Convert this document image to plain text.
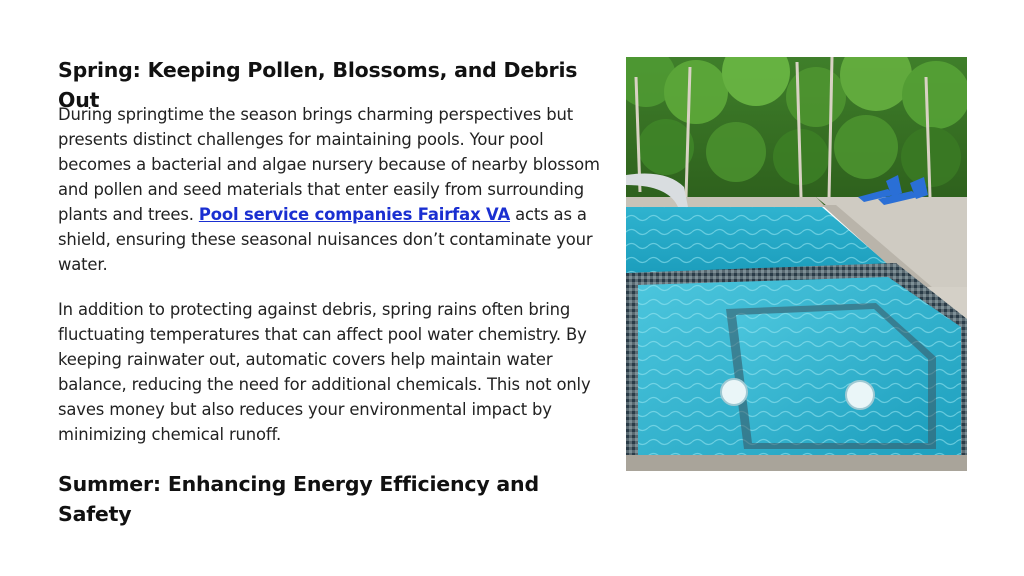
Spring: Keeping Pollen, Blossoms, and Debris Out

During springtime the season brings charming perspectives but presents distinct challenges for maintaining pools. Your pool becomes a bacterial and algae nursery because of nearby blossom and pollen and seed materials that enter easily from surrounding plants and trees. Pool service companies Fairfax VA acts as a shield, ensuring these seasonal nuisances don’t contaminate your water.

In addition to protecting against debris, spring rains often bring fluctuating temperatures that can affect pool water chemistry. By keeping rainwater out, automatic covers help maintain water balance, reducing the need for additional chemicals. This not only saves money but also reduces your environmental impact by minimizing chemical runoff.

Summer: Enhancing Energy Efficiency and Safety
